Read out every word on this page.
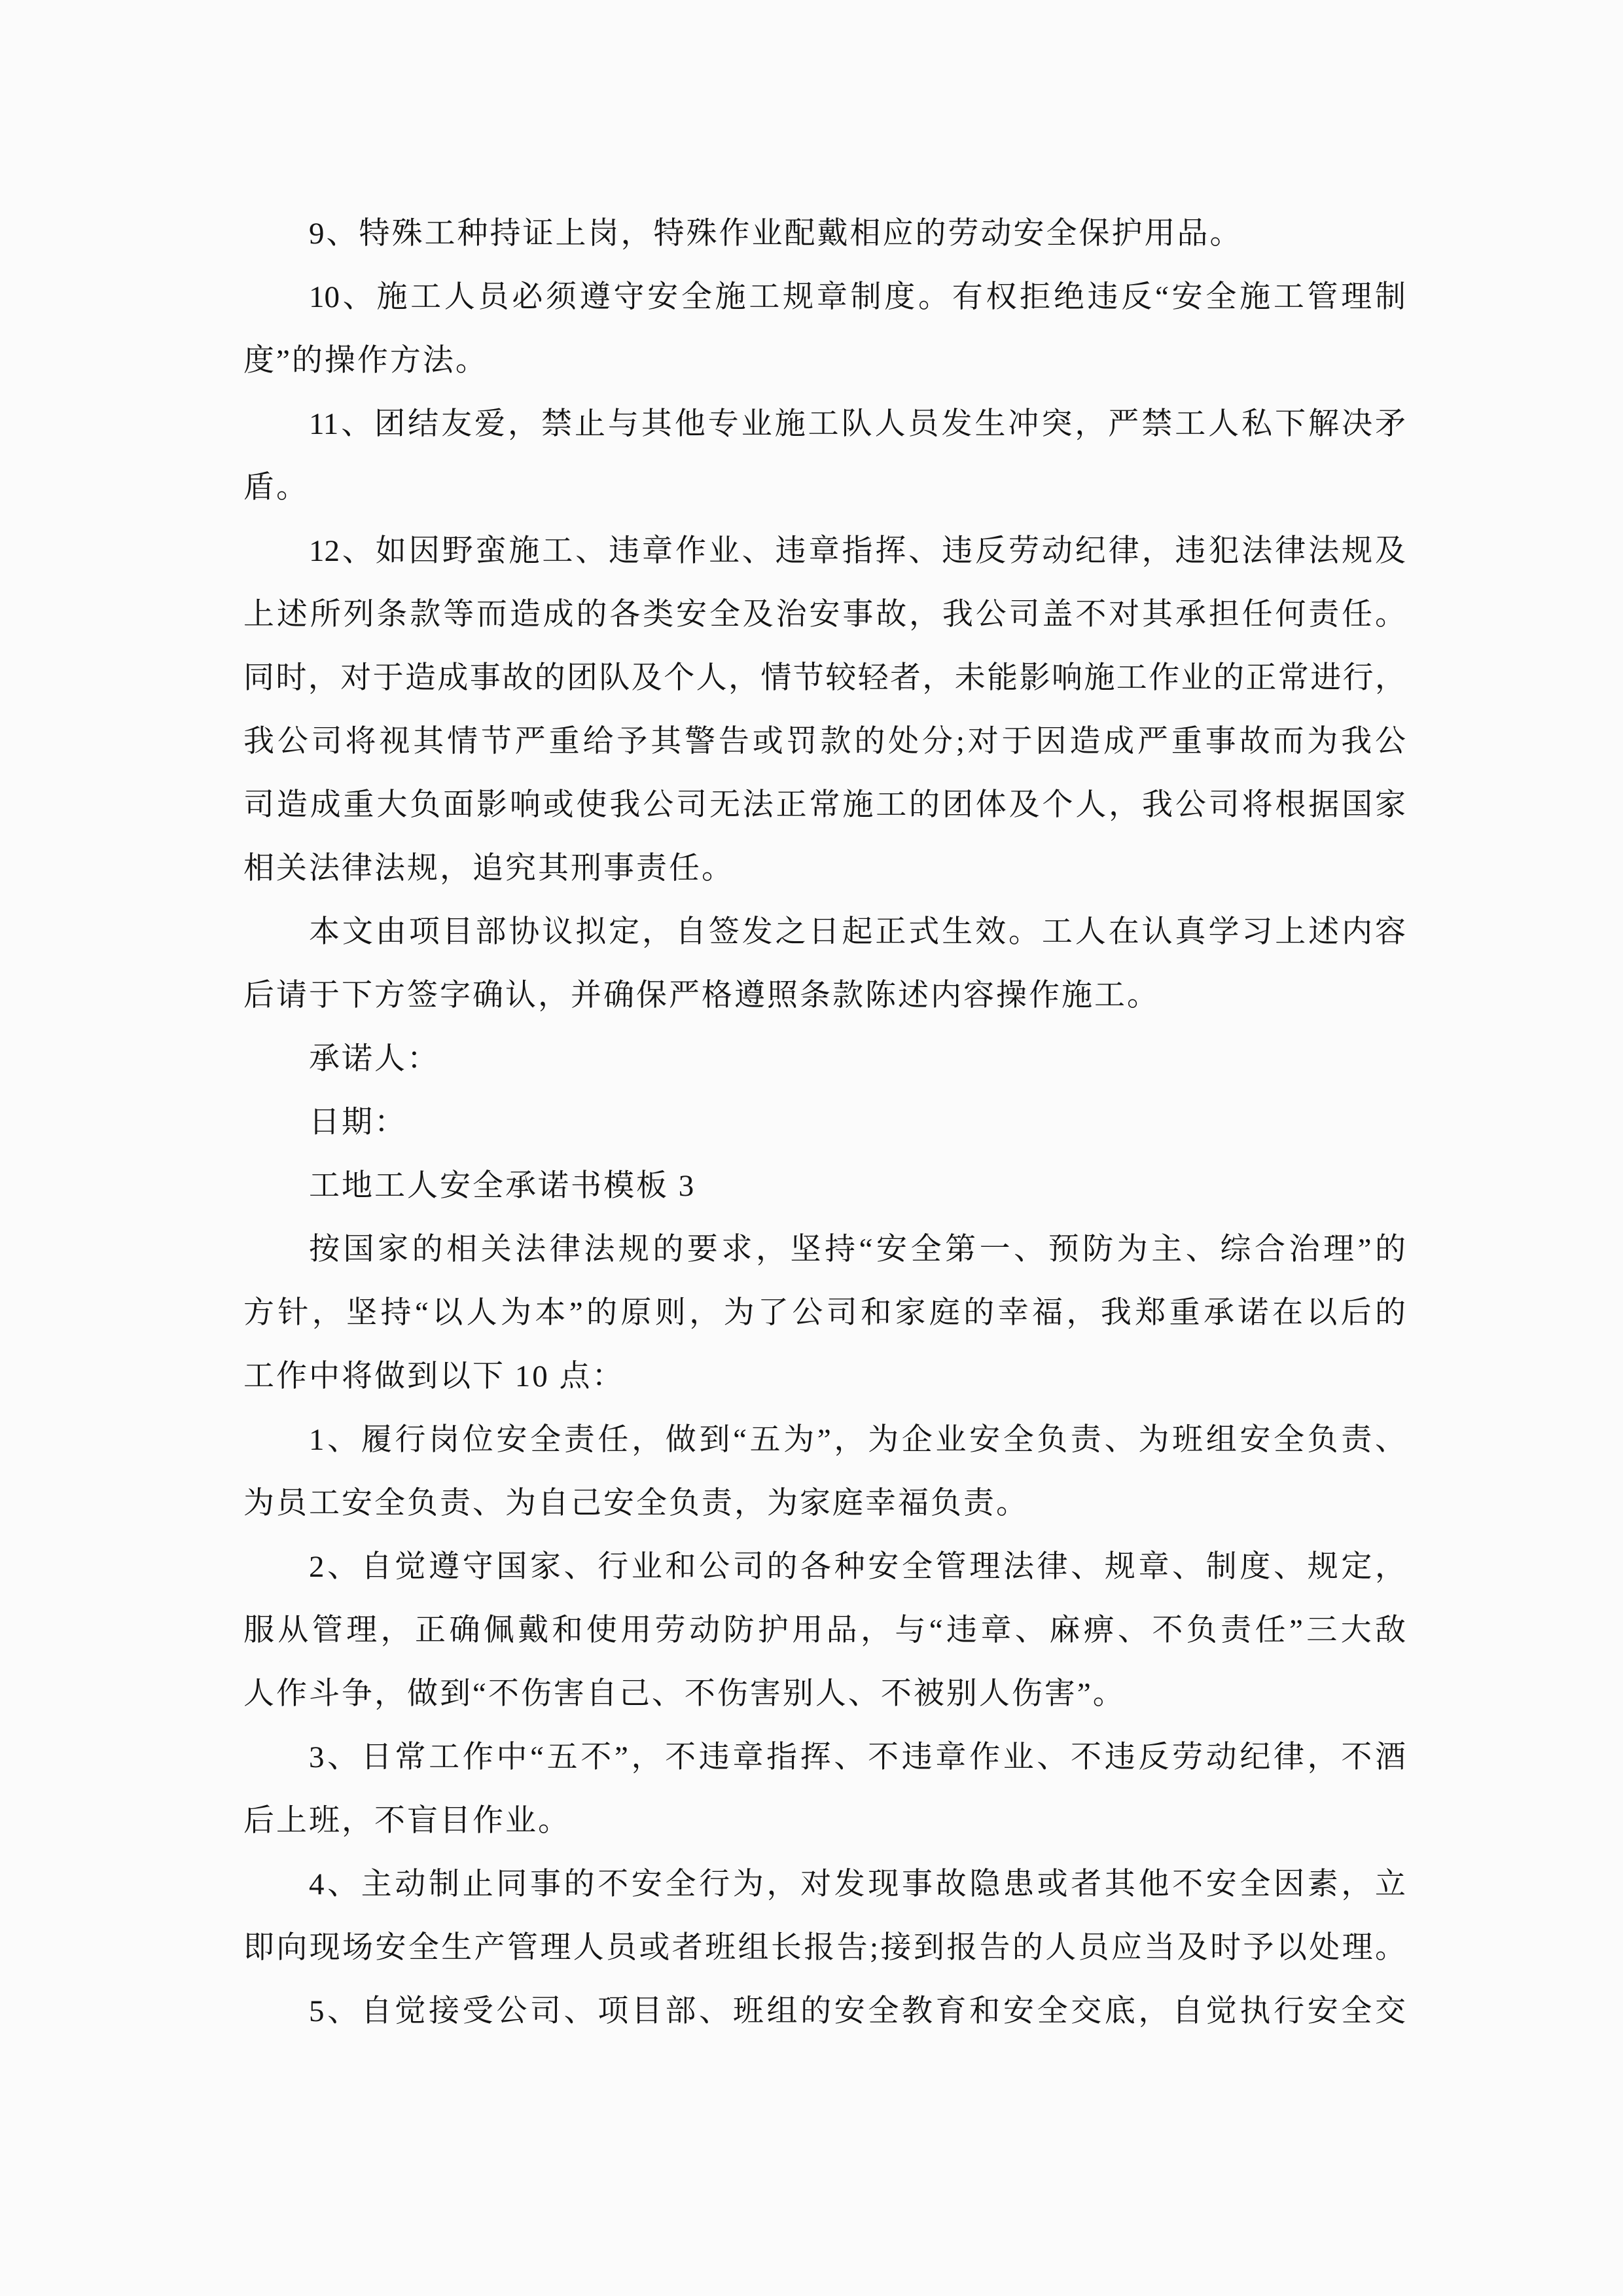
9、特殊工种持证上岗，特殊作业配戴相应的劳动安全保护用品。
10、施工人员必须遵守安全施工规章制度。有权拒绝违反“安全施工管理制
度”的操作方法。
11、团结友爱，禁止与其他专业施工队人员发生冲突，严禁工人私下解决矛
盾。
12、如因野蛮施工、违章作业、违章指挥、违反劳动纪律，违犯法律法规及
上述所列条款等而造成的各类安全及治安事故，我公司盖不对其承担任何责任。
同时，对于造成事故的团队及个人，情节较轻者，未能影响施工作业的正常进行，
我公司将视其情节严重给予其警告或罚款的处分;对于因造成严重事故而为我公
司造成重大负面影响或使我公司无法正常施工的团体及个人，我公司将根据国家
相关法律法规，追究其刑事责任。
本文由项目部协议拟定，自签发之日起正式生效。工人在认真学习上述内容
后请于下方签字确认，并确保严格遵照条款陈述内容操作施工。
承诺人：
日期：
工地工人安全承诺书模板 3
按国家的相关法律法规的要求，坚持“安全第一、预防为主、综合治理”的
方针，坚持“以人为本”的原则，为了公司和家庭的幸福，我郑重承诺在以后的
工作中将做到以下 10 点：
1、履行岗位安全责任，做到“五为”，为企业安全负责、为班组安全负责、
为员工安全负责、为自己安全负责，为家庭幸福负责。
2、自觉遵守国家、行业和公司的各种安全管理法律、规章、制度、规定，
服从管理，正确佩戴和使用劳动防护用品，与“违章、麻痹、不负责任”三大敌
人作斗争，做到“不伤害自己、不伤害别人、不被别人伤害”。
3、日常工作中“五不”，不违章指挥、不违章作业、不违反劳动纪律，不酒
后上班，不盲目作业。
4、主动制止同事的不安全行为，对发现事故隐患或者其他不安全因素，立
即向现场安全生产管理人员或者班组长报告;接到报告的人员应当及时予以处理。
5、自觉接受公司、项目部、班组的安全教育和安全交底，自觉执行安全交
